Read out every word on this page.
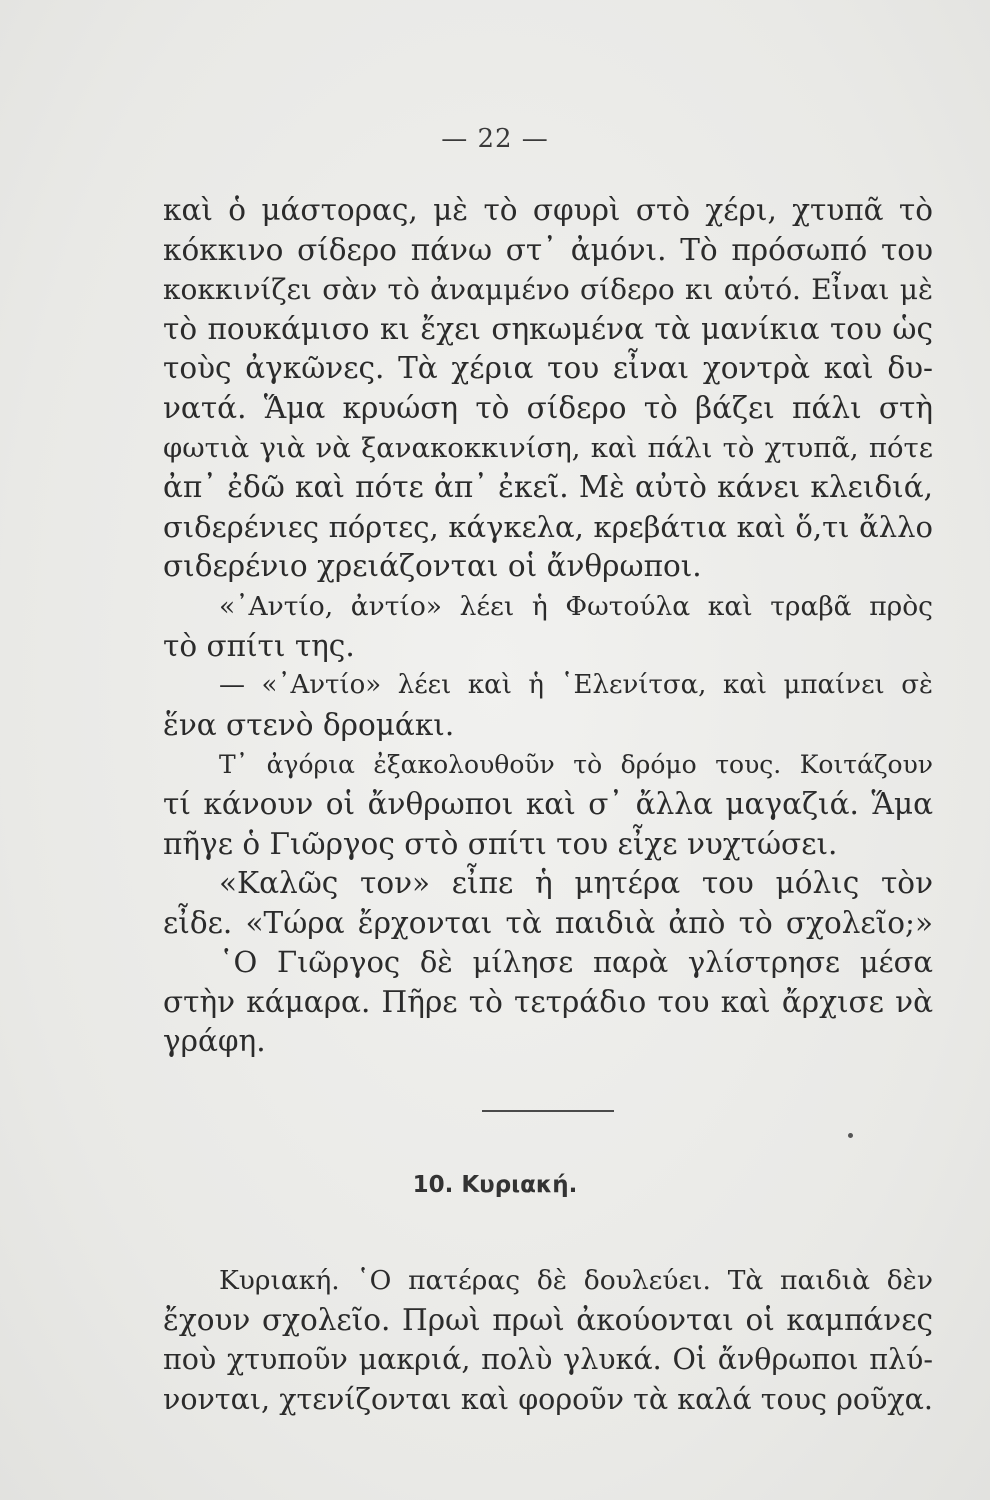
— 22 —
καὶ ὁ μάστορας, μὲ τὸ σφυρὶ στὸ χέρι, χτυπᾶ τὸ
κόκκινο σίδερο πάνω στ᾿ ἀμόνι. Τὸ πρόσωπό του
κοκκινίζει σὰν τὸ ἀναμμένο σίδερο κι αὐτό. Εἶναι μὲ
τὸ πουκάμισο κι ἔχει σηκωμένα τὰ μανίκια του ὡς
τοὺς ἀγκῶνες. Τὰ χέρια του εἶναι χοντρὰ καὶ δυ-
νατά. Ἅμα κρυώση τὸ σίδερο τὸ βάζει πάλι στὴ
φωτιὰ γιὰ νὰ ξανακοκκινίση, καὶ πάλι τὸ χτυπᾶ, πότε
ἀπ᾿ ἐδῶ καὶ πότε ἀπ᾿ ἐκεῖ. Μὲ αὐτὸ κάνει κλειδιά,
σιδερένιες πόρτες, κάγκελα, κρεβάτια καὶ ὅ,τι ἄλλο
σιδερένιο χρειάζονται οἱ ἄνθρωποι.
«᾿Αντίο, ἀντίο» λέει ἡ Φωτούλα καὶ τραβᾶ πρὸς
τὸ σπίτι της.
— «᾿Αντίο» λέει καὶ ἡ ῾Ελενίτσα, καὶ μπαίνει σὲ
ἕνα στενὸ δρομάκι.
Τ᾿ ἀγόρια ἐξακολουθοῦν τὸ δρόμο τους. Κοιτάζουν
τί κάνουν οἱ ἄνθρωποι καὶ σ᾿ ἄλλα μαγαζιά. Ἅμα
πῆγε ὁ Γιῶργος στὸ σπίτι του εἶχε νυχτώσει.
«Καλῶς τον» εἶπε ἡ μητέρα του μόλις τὸν
εἶδε. «Τώρα ἔρχονται τὰ παιδιὰ ἀπὸ τὸ σχολεῖο;»
῾Ο Γιῶργος δὲ μίλησε παρὰ γλίστρησε μέσα
στὴν κάμαρα. Πῆρε τὸ τετράδιο του καὶ ἄρχισε νὰ
γράφη.
10. Κυριακή.
Κυριακή. ῾Ο πατέρας δὲ δουλεύει. Τὰ παιδιὰ δὲν
ἔχουν σχολεῖο. Πρωὶ πρωὶ ἀκούονται οἱ καμπάνες
ποὺ χτυποῦν μακριά, πολὺ γλυκά. Οἱ ἄνθρωποι πλύ-
νονται, χτενίζονται καὶ φοροῦν τὰ καλά τους ροῦχα.
